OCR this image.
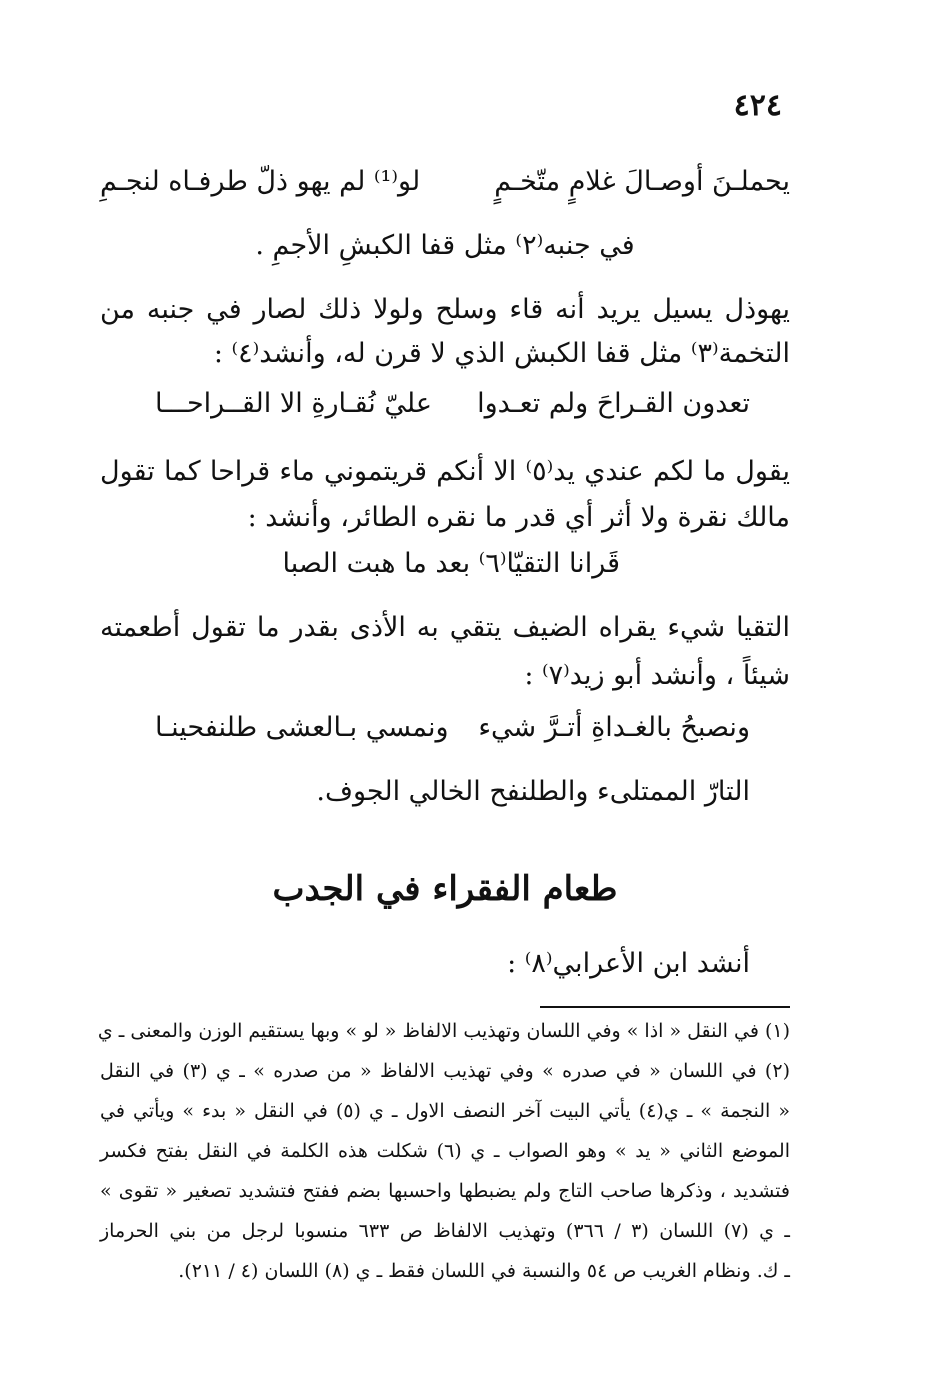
٤٢٤
يحملـنَ أوصـالَ غلامٍ متّخـمٍ
لو⁽¹⁾ لم يهو ذلّ طرفـاه لنجـمِ
في جنبه⁽٢⁾ مثل قفا الكبشِ الأجمِ .
يهوذل يسيل يريد أنه قاء وسلح ولولا ذلك لصار في جنبه من
التخمة⁽٣⁾ مثل قفا الكبش الذي لا قرن له، وأنشد⁽٤⁾ :
تعدون القـراحَ ولم تعـدوا
عليّ نُقـارةِ الا القــراحـــا
يقول ما لكم عندي يد⁽٥⁾ الا أنكم قريتموني ماء قراحا كما تقول
مالك نقرة ولا أثر أي قدر ما نقره الطائر، وأنشد :
قَرانا التقيّا⁽٦⁾ بعد ما هبت الصبا
التقيا شيء يقراه الضيف يتقي به الأذى بقدر ما تقول أطعمته
شيئاً ، وأنشد أبو زيد⁽٧⁾ :
ونصبحُ بالغـداةِ أتـرَّ شيء
ونمسي بـالعشى طلنفحينـا
التارّ الممتلىء والطلنفح الخالي الجوف.
طعام الفقراء في الجدب
أنشد ابن الأعرابي⁽٨⁾ :
(١) في النقل « اذا » وفي اللسان وتهذيب الالفاظ « لو » وبها يستقيم الوزن والمعنى ـ ي
(٢) في اللسان « في صدره » وفي تهذيب الالفاظ « من صدره » ـ ي (٣) في النقل
« النجمة » ـ ي(٤) يأتي البيت آخر النصف الاول ـ ي (٥) في النقل « بدء » ويأتي في
الموضع الثاني « يد » وهو الصواب ـ ي (٦) شكلت هذه الكلمة في النقل بفتح فكسر
فتشديد ، وذكرها صاحب التاج ولم يضبطها واحسبها بضم ففتح فتشديد تصغير « تقوى »
ـ ي (٧) اللسان (٣ / ٣٦٦) وتهذيب الالفاظ ص ٦٣٣ منسوبا لرجل من بني الحرماز
ـ ك. ونظام الغريب ص ٥٤ والنسبة في اللسان فقط ـ ي (٨) اللسان (٤ / ٢١١).
